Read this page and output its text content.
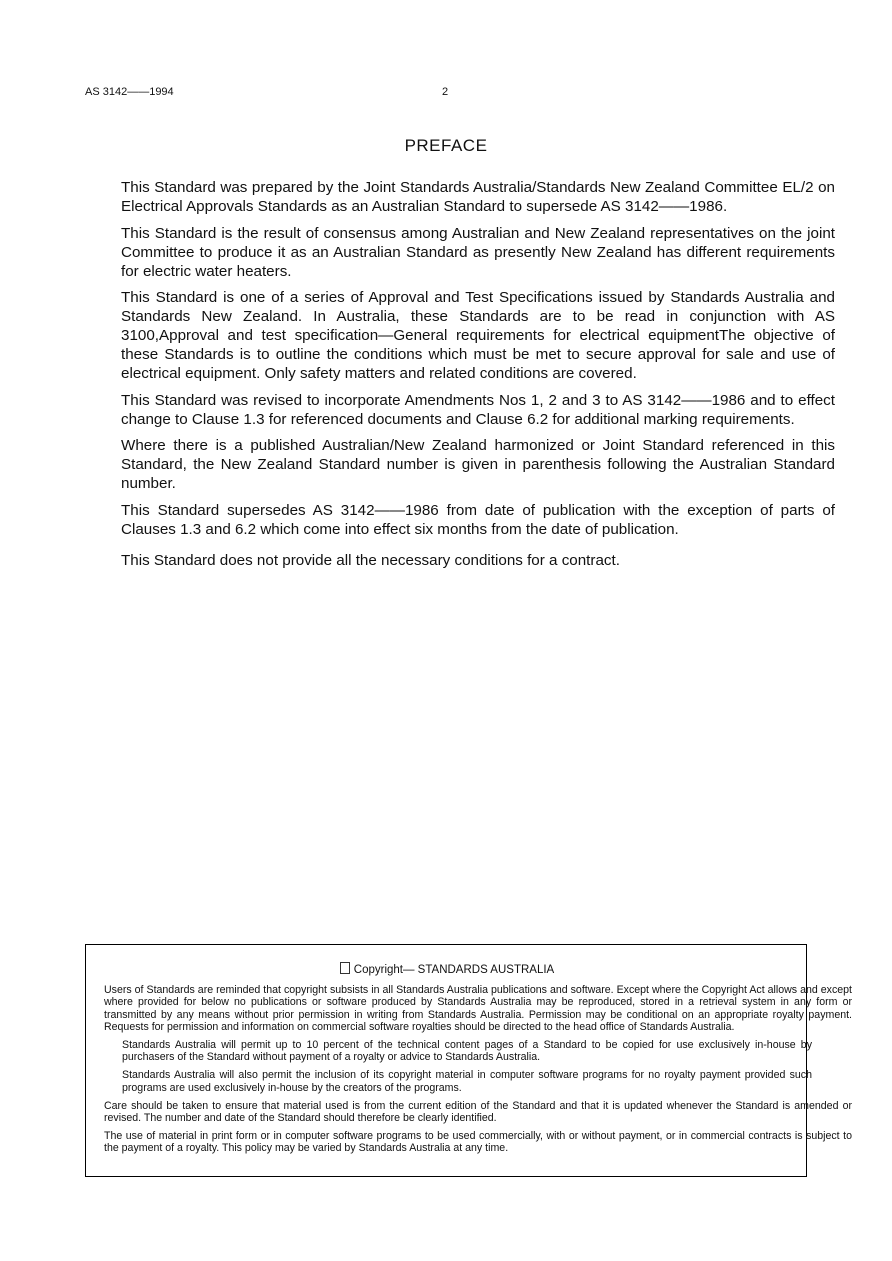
AS 3142——1994	2
PREFACE

This Standard was prepared by the Joint Standards Australia/Standards New Zealand Committee EL/2 on Electrical Approvals Standards as an Australian Standard to supersede AS 3142——1986.

This Standard is the result of consensus among Australian and New Zealand representatives on the joint Committee to produce it as an Australian Standard as presently New Zealand has different requirements for electric water heaters.

This Standard is one of a series of Approval and Test Specifications issued by Standards Australia and Standards New Zealand. In Australia, these Standards are to be read in conjunction with AS 3100,Approval and test specification—General requirements for electrical equipmentThe objective of these Standards is to outline the conditions which must be met to secure approval for sale and use of electrical equipment. Only safety matters and related conditions are covered.

This Standard was revised to incorporate Amendments Nos 1, 2 and 3 to AS 3142——1986 and to effect change to Clause 1.3 for referenced documents and Clause 6.2 for additional marking requirements.

Where there is a published Australian/New Zealand harmonized or Joint Standard referenced in this Standard, the New Zealand Standard number is given in parenthesis following the Australian Standard number.

This Standard supersedes AS 3142——1986 from date of publication with the exception of parts of Clauses 1.3 and 6.2 which come into effect six months from the date of publication.

This Standard does not provide all the necessary conditions for a contract.

Copyright— STANDARDS AUSTRALIA

Users of Standards are reminded that copyright subsists in all Standards Australia publications and software. Except where the Copyright Act allows and except where provided for below no publications or software produced by Standards Australia may be reproduced, stored in a retrieval system in any form or transmitted by any means without prior permission in writing from Standards Australia. Permission may be conditional on an appropriate royalty payment. Requests for permission and information on commercial software royalties should be directed to the head office of Standards Australia.

Standards Australia will permit up to 10 percent of the technical content pages of a Standard to be copied for use exclusively in-house by purchasers of the Standard without payment of a royalty or advice to Standards Australia.

Standards Australia will also permit the inclusion of its copyright material in computer software programs for no royalty payment provided such programs are used exclusively in-house by the creators of the programs.

Care should be taken to ensure that material used is from the current edition of the Standard and that it is updated whenever the Standard is amended or revised. The number and date of the Standard should therefore be clearly identified.

The use of material in print form or in computer software programs to be used commercially, with or without payment, or in commercial contracts is subject to the payment of a royalty. This policy may be varied by Standards Australia at any time.
